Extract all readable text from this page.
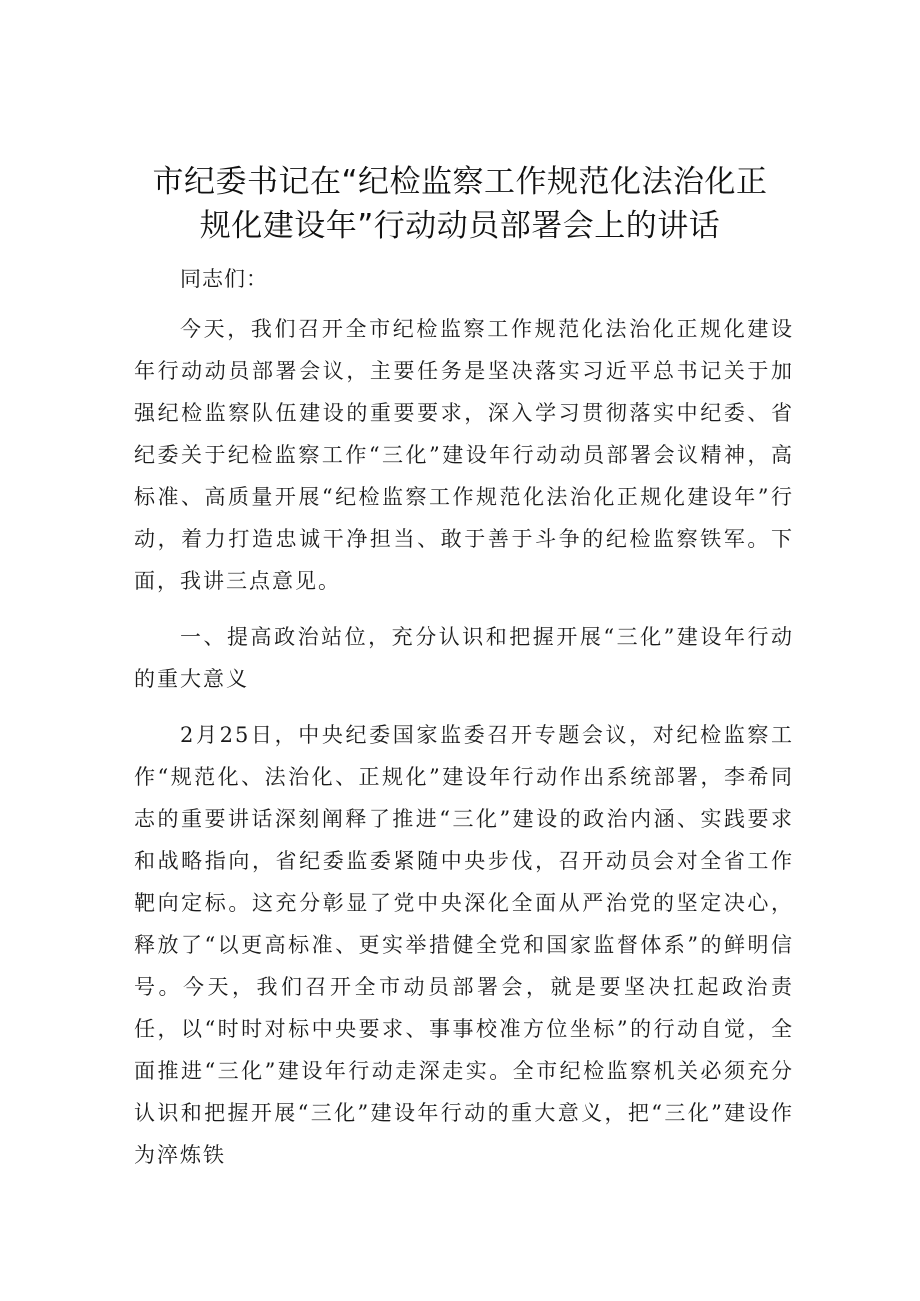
市纪委书记在“纪检监察工作规范化法治化正
规化建设年”行动动员部署会上的讲话

同志们：

今天，我们召开全市纪检监察工作规范化法治化正规化建设年行动动员部署会议，主要任务是坚决落实习近平总书记关于加强纪检监察队伍建设的重要要求，深入学习贯彻落实中纪委、省纪委关于纪检监察工作“三化”建设年行动动员部署会议精神，高标准、高质量开展“纪检监察工作规范化法治化正规化建设年”行动，着力打造忠诚干净担当、敢于善于斗争的纪检监察铁军。下面，我讲三点意见。

一、提高政治站位，充分认识和把握开展“三化”建设年行动的重大意义

2月25日，中央纪委国家监委召开专题会议，对纪检监察工作“规范化、法治化、正规化”建设年行动作出系统部署，李希同志的重要讲话深刻阐释了推进“三化”建设的政治内涵、实践要求和战略指向，省纪委监委紧随中央步伐，召开动员会对全省工作靶向定标。这充分彰显了党中央深化全面从严治党的坚定决心，释放了“以更高标准、更实举措健全党和国家监督体系”的鲜明信号。今天，我们召开全市动员部署会，就是要坚决扛起政治责任，以“时时对标中央要求、事事校准方位坐标”的行动自觉，全面推进“三化”建设年行动走深走实。全市纪检监察机关必须充分认识和把握开展“三化”建设年行动的重大意义，把“三化”建设作为淬炼铁
